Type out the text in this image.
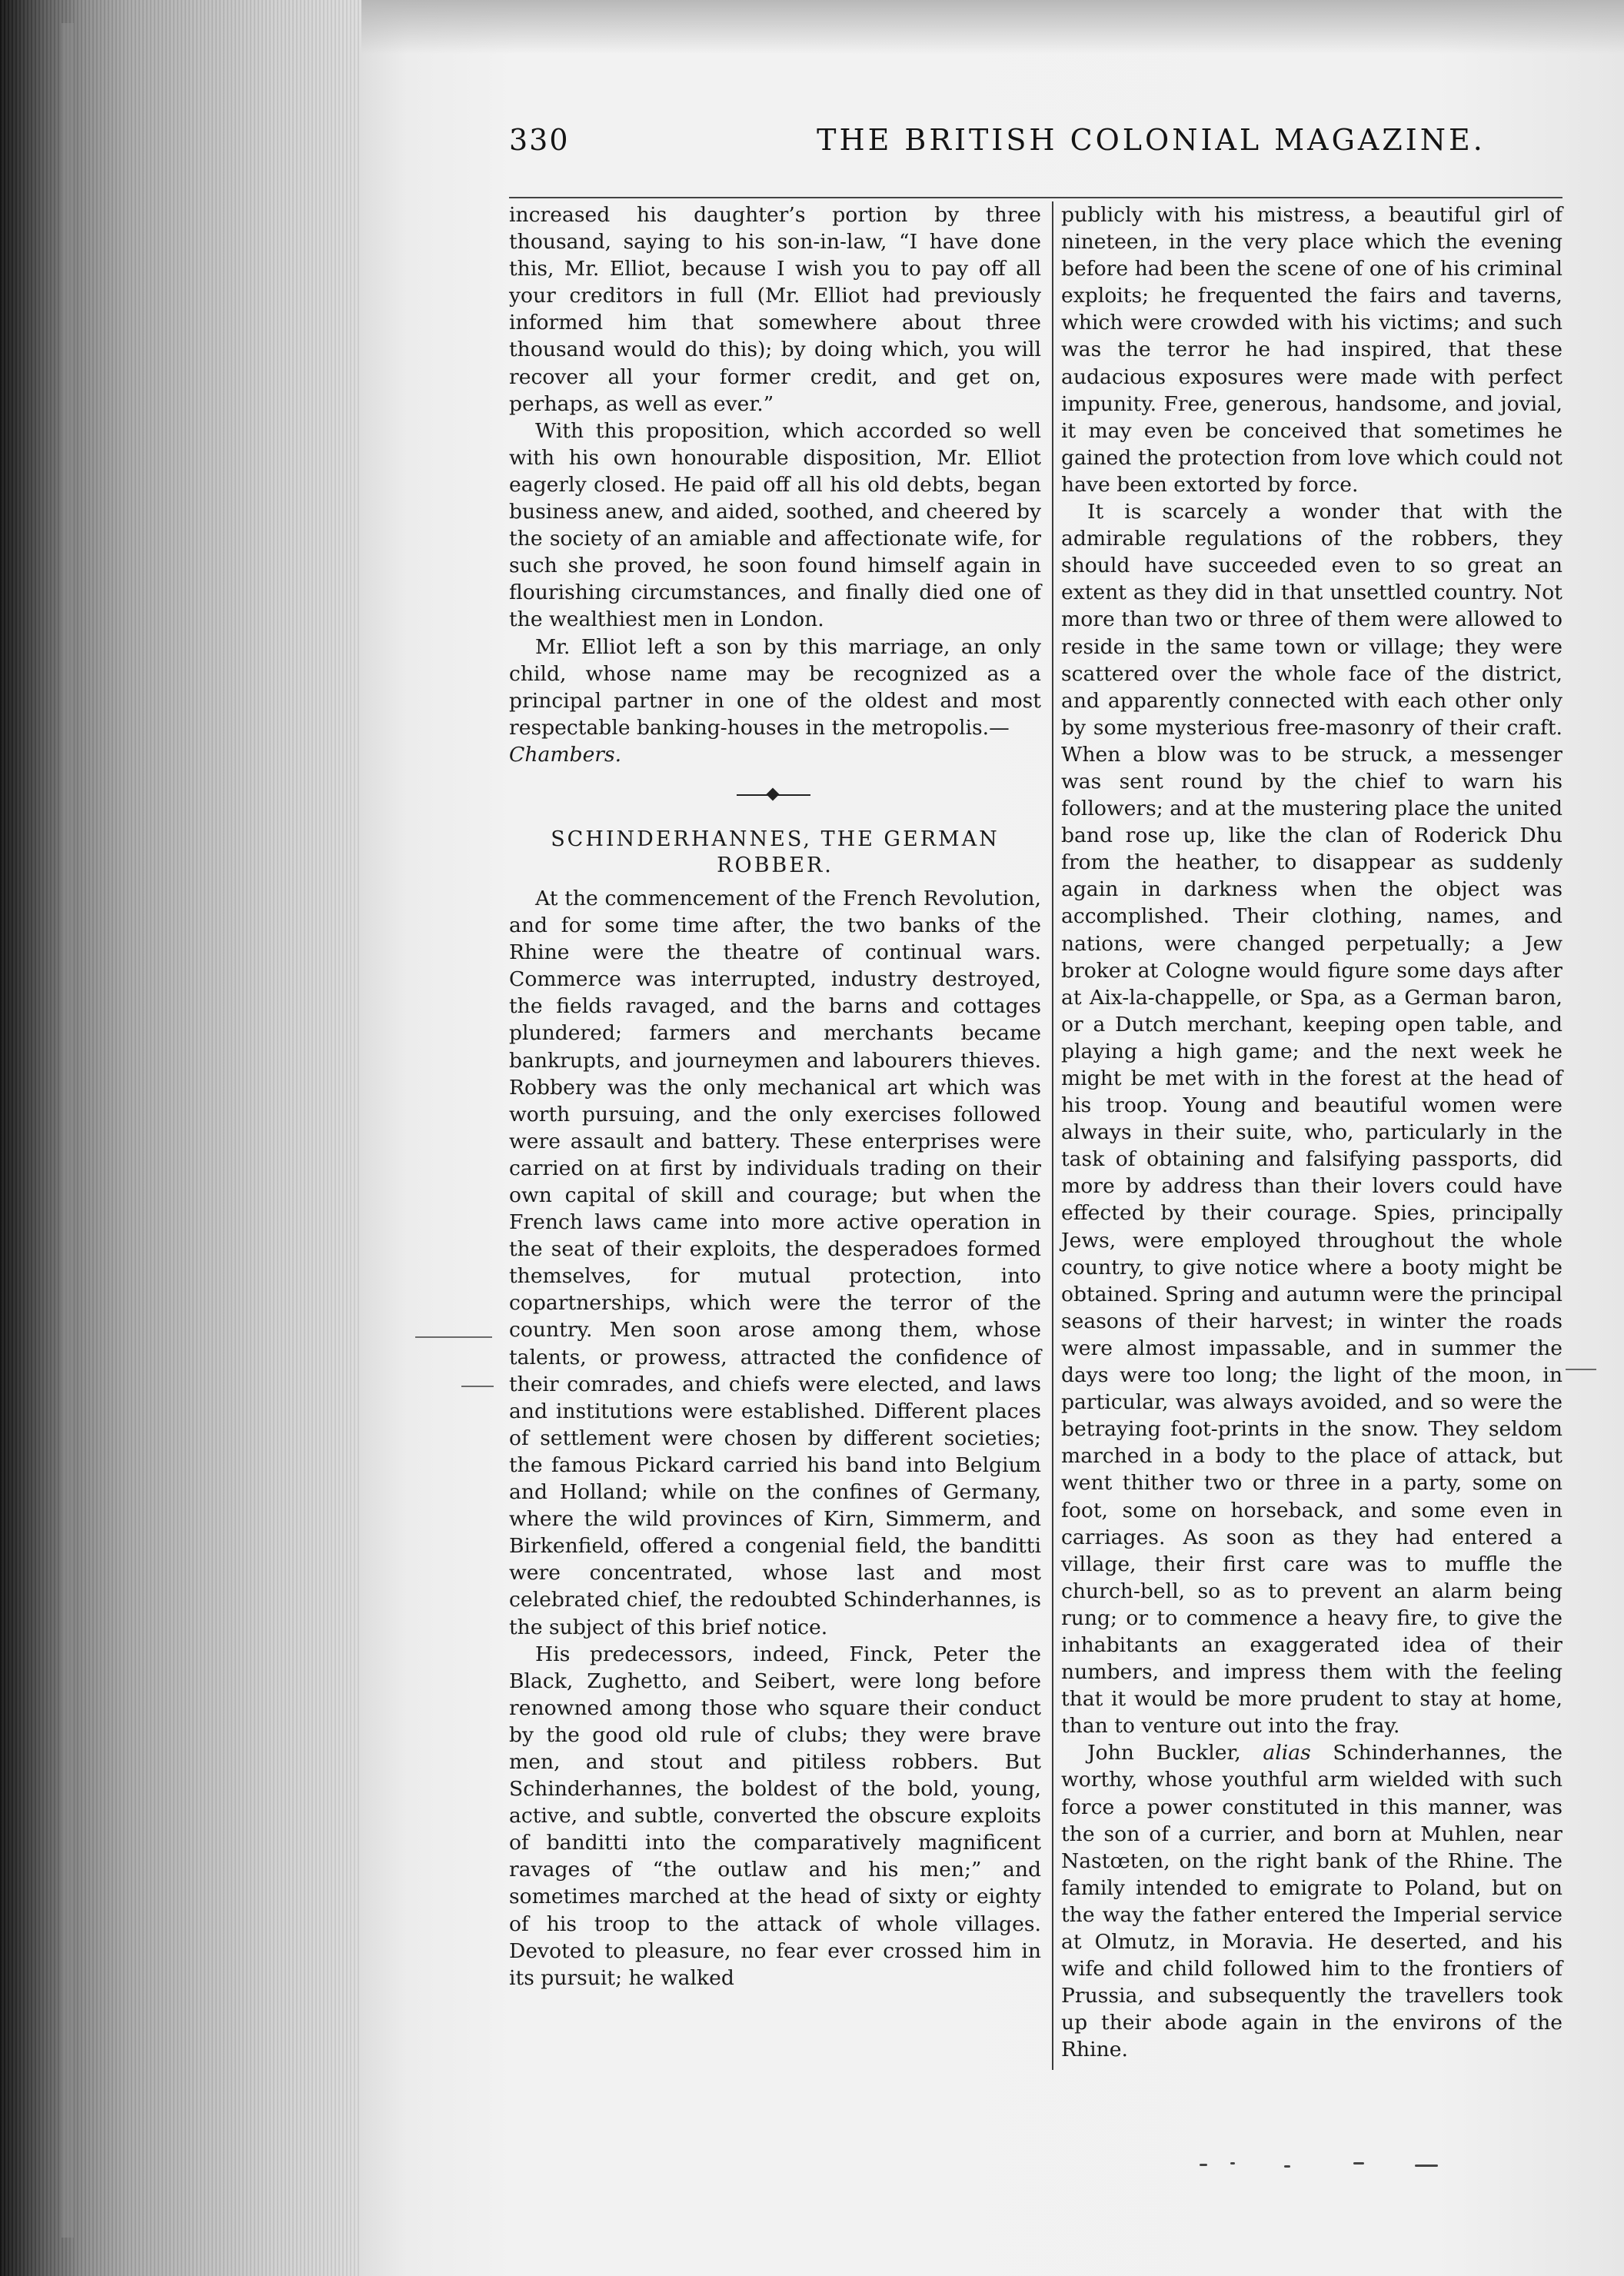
330	THE BRITISH COLONIAL MAGAZINE.

increased his daughter’s portion by three thousand, saying to his son-in-law, “I have done this, Mr. Elliot, because I wish you to pay off all your creditors in full (Mr. Elliot had previously informed him that somewhere about three thousand would do this); by doing which, you will recover all your former credit, and get on, perhaps, as well as ever.”

With this proposition, which accorded so well with his own honourable disposition, Mr. Elliot eagerly closed. He paid off all his old debts, began business anew, and aided, soothed, and cheered by the society of an amiable and affectionate wife, for such she proved, he soon found himself again in flourishing circumstances, and finally died one of the wealthiest men in London.

Mr. Elliot left a son by this marriage, an only child, whose name may be recognized as a principal partner in one of the oldest and most respectable banking-houses in the metropolis.—

Chambers.

SCHINDERHANNES, THE GERMAN
ROBBER.

At the commencement of the French Revolution, and for some time after, the two banks of the Rhine were the theatre of continual wars. Commerce was interrupted, industry destroyed, the fields ravaged, and the barns and cottages plundered; farmers and merchants became bankrupts, and journeymen and labourers thieves. Robbery was the only mechanical art which was worth pursuing, and the only exercises followed were assault and battery. These enterprises were carried on at first by individuals trading on their own capital of skill and courage; but when the French laws came into more active operation in the seat of their exploits, the desperadoes formed themselves, for mutual protection, into copartnerships, which were the terror of the country. Men soon arose among them, whose talents, or prowess, attracted the confidence of their comrades, and chiefs were elected, and laws and institutions were established. Different places of settlement were chosen by different societies; the famous Pickard carried his band into Belgium and Holland; while on the confines of Germany, where the wild provinces of Kirn, Simmerm, and Birkenfield, offered a congenial field, the banditti were concentrated, whose last and most celebrated chief, the redoubted Schinderhannes, is the subject of this brief notice.

His predecessors, indeed, Finck, Peter the Black, Zughetto, and Seibert, were long before renowned among those who square their conduct by the good old rule of clubs; they were brave men, and stout and pitiless robbers. But Schinderhannes, the boldest of the bold, young, active, and subtle, converted the obscure exploits of banditti into the comparatively magnificent ravages of “the outlaw and his men;” and sometimes marched at the head of sixty or eighty of his troop to the attack of whole villages. Devoted to pleasure, no fear ever crossed him in its pursuit; he walked

publicly with his mistress, a beautiful girl of nineteen, in the very place which the evening before had been the scene of one of his criminal exploits; he frequented the fairs and taverns, which were crowded with his victims; and such was the terror he had inspired, that these audacious exposures were made with perfect impunity. Free, generous, handsome, and jovial, it may even be conceived that sometimes he gained the protection from love which could not have been extorted by force.

It is scarcely a wonder that with the admirable regulations of the robbers, they should have succeeded even to so great an extent as they did in that unsettled country. Not more than two or three of them were allowed to reside in the same town or village; they were scattered over the whole face of the district, and apparently connected with each other only by some mysterious free-masonry of their craft. When a blow was to be struck, a messenger was sent round by the chief to warn his followers; and at the mustering place the united band rose up, like the clan of Roderick Dhu from the heather, to disappear as suddenly again in darkness when the object was accomplished. Their clothing, names, and nations, were changed perpetually; a Jew broker at Cologne would figure some days after at Aix-la-chappelle, or Spa, as a German baron, or a Dutch merchant, keeping open table, and playing a high game; and the next week he might be met with in the forest at the head of his troop. Young and beautiful women were always in their suite, who, particularly in the task of obtaining and falsifying passports, did more by address than their lovers could have effected by their courage. Spies, principally Jews, were employed throughout the whole country, to give notice where a booty might be obtained. Spring and autumn were the principal seasons of their harvest; in winter the roads were almost impassable, and in summer the days were too long; the light of the moon, in particular, was always avoided, and so were the betraying foot-prints in the snow. They seldom marched in a body to the place of attack, but went thither two or three in a party, some on foot, some on horseback, and some even in carriages. As soon as they had entered a village, their first care was to muffle the church-bell, so as to prevent an alarm being rung; or to commence a heavy fire, to give the inhabitants an exaggerated idea of their numbers, and impress them with the feeling that it would be more prudent to stay at home, than to venture out into the fray.

John Buckler, alias Schinderhannes, the worthy, whose youthful arm wielded with such force a power constituted in this manner, was the son of a currier, and born at Muhlen, near Nastœten, on the right bank of the Rhine. The family intended to emigrate to Poland, but on the way the father entered the Imperial service at Olmutz, in Moravia. He deserted, and his wife and child followed him to the frontiers of Prussia, and subsequently the travellers took up their abode again in the environs of the Rhine.
